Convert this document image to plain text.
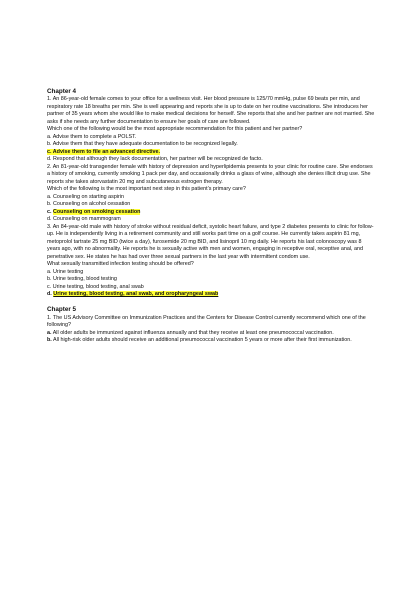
Chapter 4

1. An 86-year-old female comes to your office for a wellness visit. Her blood pressure is 125/70 mmHg, pulse 69 beats per min, and respiratory rate 18 breaths per min. She is well appearing and reports she is up to date on her routine vaccinations. She introduces her partner of 35 years whom she would like to make medical decisions for herself. She reports that she and her partner are not married. She asks if she needs any further documentation to ensure her goals of care are followed.

Which one of the following would be the most appropriate recommendation for this patient and her partner?

a. Advise them to complete a POLST.

b. Advise them that they have adequate documentation to be recognized legally.

c. Advise them to file an advanced directive.

d. Respond that although they lack documentation, her partner will be recognized de facto.

2. An 81-year-old transgender female with history of depression and hyperlipidemia presents to your clinic for routine care. She endorses a history of smoking, currently smoking 1 pack per day, and occasionally drinks a glass of wine, although she denies illicit drug use. She reports she takes atorvastatin 20 mg and subcutaneous estrogen therapy.

Which of the following is the most important next step in this patient’s primary care?

a. Counseling on starting aspirin

b. Counseling on alcohol cessation

c. Counseling on smoking cessation

d. Counseling on mammogram

3. An 84-year-old male with history of stroke without residual deficit, systolic heart failure, and type 2 diabetes presents to clinic for follow-up. He is independently living in a retirement community and still works part time on a golf course. He currently takes aspirin 81 mg, metoprolol tartrate 25 mg BID (twice a day), furosemide 20 mg BID, and lisinopril 10 mg daily. He reports his last colonoscopy was 8 years ago, with no abnormality. He reports he is sexually active with men and women, engaging in receptive oral, receptive anal, and penetrative sex. He states he has had over three sexual partners in the last year with intermittent condom use.

What sexually transmitted infection testing should be offered?

a. Urine testing

b. Urine testing, blood testing

c. Urine testing, blood testing, anal swab

d. Urine testing, blood testing, anal swab, and oropharyngeal swab

Chapter 5

1. The US Advisory Committee on Immunization Practices and the Centers for Disease Control currently recommend which one of the following?

a. All older adults be immunized against influenza annually and that they receive at least one pneumococcal vaccination.

b. All high-risk older adults should receive an additional pneumococcal vaccination 5 years or more after their first immunization.
